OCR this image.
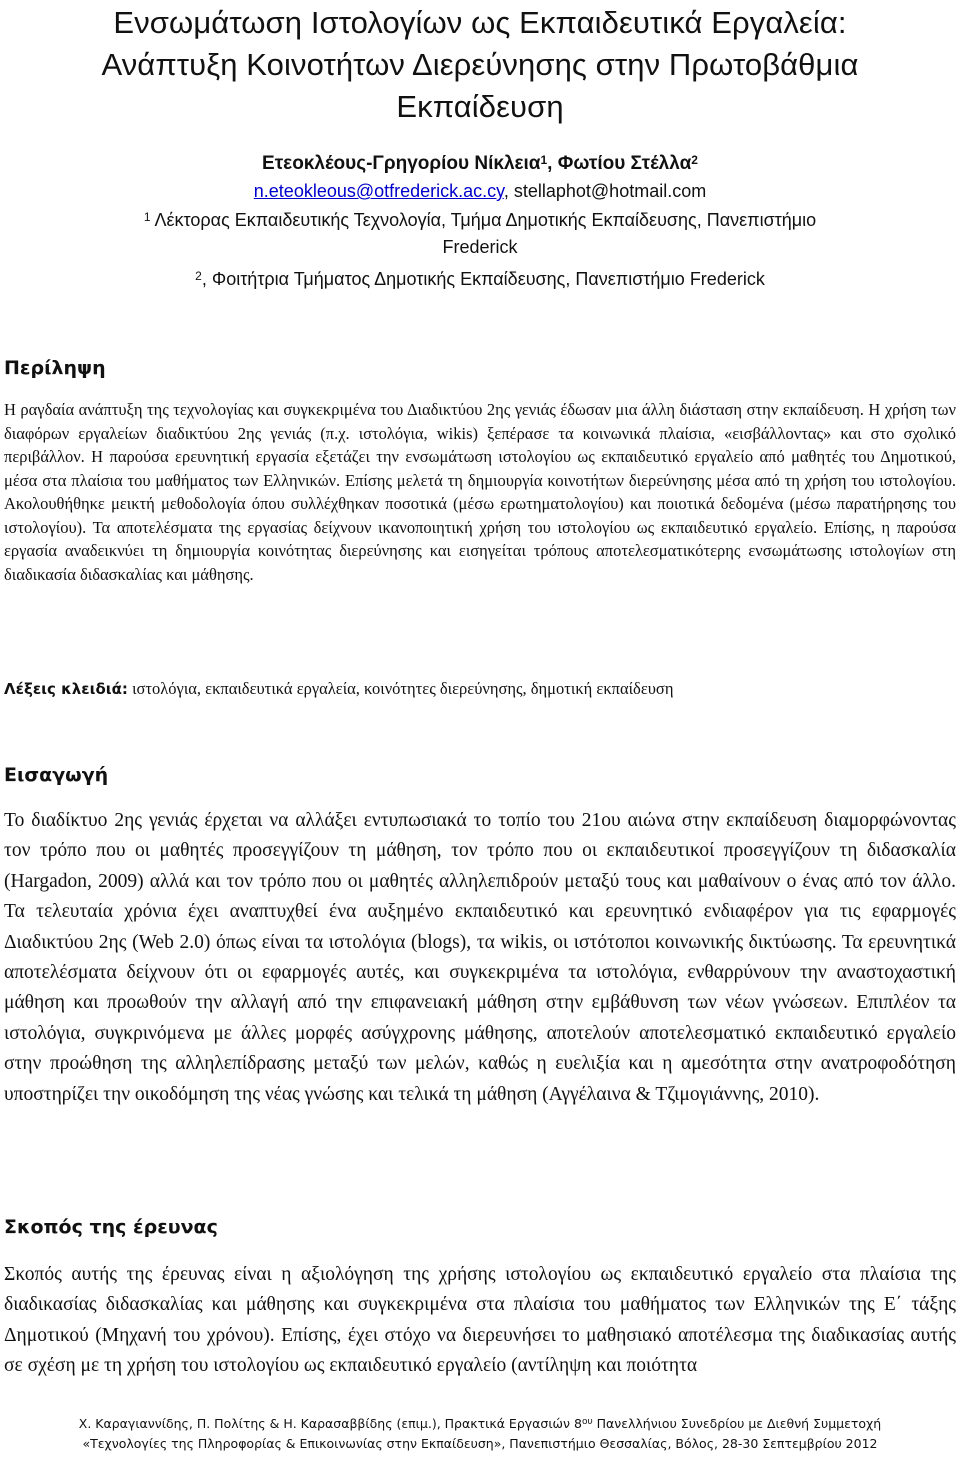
Ενσωμάτωση Ιστολογίων ως Εκπαιδευτικά Εργαλεία:
Ανάπτυξη Κοινοτήτων Διερεύνησης στην Πρωτοβάθμια
Εκπαίδευση
Ετεοκλέους-Γρηγορίου Νίκλεια$^1$, Φωτίου Στέλλα$^2$
n.eteokleous@otfrederick.ac.cy, stellaphot@hotmail.com
$^1$ Λέκτορας Εκπαιδευτικής Τεχνολογία, Τμήμα Δημοτικής Εκπαίδευσης, Πανεπιστήμιο
Frederick
$^2$, Φοιτήτρια Τμήματος Δημοτικής Εκπαίδευσης, Πανεπιστήμιο Frederick
Περίληψη

Η ραγδαία ανάπτυξη της τεχνολογίας και συγκεκριμένα του Διαδικτύου 2ης γενιάς έδωσαν μια άλλη διάσταση στην εκπαίδευση. Η χρήση των διαφόρων εργαλείων διαδικτύου 2ης γενιάς (π.χ. ιστολόγια, wikis) ξεπέρασε τα κοινωνικά πλαίσια, «εισβάλλοντας» και στο σχολικό περιβάλλον. Η παρούσα ερευνητική εργασία εξετάζει την ενσωμάτωση ιστολογίου ως εκπαιδευτικό εργαλείο από μαθητές του Δημοτικού, μέσα στα πλαίσια του μαθήματος των Ελληνικών. Επίσης μελετά τη δημιουργία κοινοτήτων διερεύνησης μέσα από τη χρήση του ιστολογίου. Ακολουθήθηκε μεικτή μεθοδολογία όπου συλλέχθηκαν ποσοτικά (μέσω ερωτηματολογίου) και ποιοτικά δεδομένα (μέσω παρατήρησης του ιστολογίου). Τα αποτελέσματα της εργασίας δείχνουν ικανοποιητική χρήση του ιστολογίου ως εκπαιδευτικό εργαλείο. Επίσης, η παρούσα εργασία αναδεικνύει τη δημιουργία κοινότητας διερεύνησης και εισηγείται τρόπους αποτελεσματικότερης ενσωμάτωσης ιστολογίων στη διαδικασία διδασκαλίας και μάθησης.

Λέξεις κλειδιά: ιστολόγια, εκπαιδευτικά εργαλεία, κοινότητες διερεύνησης, δημοτική εκπαίδευση

Εισαγωγή

Το διαδίκτυο 2ης γενιάς έρχεται να αλλάξει εντυπωσιακά το τοπίο του 21ου αιώνα στην εκπαίδευση διαμορφώνοντας τον τρόπο που οι μαθητές προσεγγίζουν τη μάθηση, τον τρόπο που οι εκπαιδευτικοί προσεγγίζουν τη διδασκαλία (Hargadon, 2009) αλλά και τον τρόπο που οι μαθητές αλληλεπιδρούν μεταξύ τους και μαθαίνουν ο ένας από τον άλλο. Τα τελευταία χρόνια έχει αναπτυχθεί ένα αυξημένο εκπαιδευτικό και ερευνητικό ενδιαφέρον για τις εφαρμογές Διαδικτύου 2ης (Web 2.0) όπως είναι τα ιστολόγια (blogs), τα wikis, οι ιστότοποι κοινωνικής δικτύωσης. Τα ερευνητικά αποτελέσματα δείχνουν ότι οι εφαρμογές αυτές, και συγκεκριμένα τα ιστολόγια, ενθαρρύνουν την αναστοχαστική μάθηση και προωθούν την αλλαγή από την επιφανειακή μάθηση στην εμβάθυνση των νέων γνώσεων. Επιπλέον τα ιστολόγια, συγκρινόμενα με άλλες μορφές ασύγχρονης μάθησης, αποτελούν αποτελεσματικό εκπαιδευτικό εργαλείο στην προώθηση της αλληλεπίδρασης μεταξύ των μελών, καθώς η ευελιξία και η αμεσότητα στην ανατροφοδότηση υποστηρίζει την οικοδόμηση της νέας γνώσης και τελικά τη μάθηση (Αγγέλαινα & Τζιμογιάννης, 2010).

Σκοπός της έρευνας

Σκοπός αυτής της έρευνας είναι η αξιολόγηση της χρήσης ιστολογίου ως εκπαιδευτικό εργαλείο στα πλαίσια της διαδικασίας διδασκαλίας και μάθησης και συγκεκριμένα στα πλαίσια του μαθήματος των Ελληνικών της Ε΄ τάξης Δημοτικού (Μηχανή του χρόνου). Επίσης, έχει στόχο να διερευνήσει το μαθησιακό αποτέλεσμα της διαδικασίας αυτής σε σχέση με τη χρήση του ιστολογίου ως εκπαιδευτικό εργαλείο (αντίληψη και ποιότητα

Χ. Καραγιαννίδης, Π. Πολίτης & Η. Καρασαββίδης (επιμ.), Πρακτικά Εργασιών $8^{o\upsilon}$ Πανελλήνιου Συνεδρίου με Διεθνή Συμμετοχή
«Τεχνολογίες της Πληροφορίας & Επικοινωνίας στην Εκπαίδευση», Πανεπιστήμιο Θεσσαλίας, Βόλος, 28-30 Σεπτεμβρίου 2012
